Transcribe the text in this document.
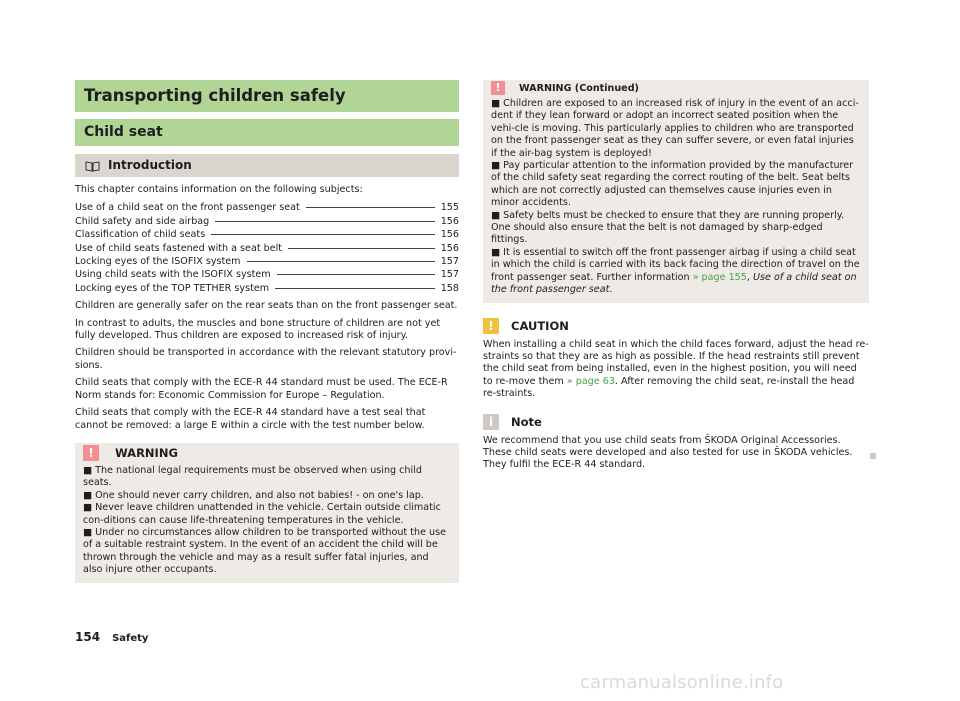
Transporting children safely
Child seat
Introduction

This chapter contains information on the following subjects:

Use of a child seat on the front passenger seat	155
Child safety and side airbag	156
Classification of child seats	156
Use of child seats fastened with a seat belt	156
Locking eyes of the ISOFIX system	157
Using child seats with the ISOFIX system	157
Locking eyes of the TOP TETHER system	158

Children are generally safer on the rear seats than on the front passenger seat.

In contrast to adults, the muscles and bone structure of children are not yet fully developed. Thus children are exposed to increased risk of injury.

Children should be transported in accordance with the relevant statutory provi-sions.

Child seats that comply with the ECE-R 44 standard must be used. The ECE-R Norm stands for: Economic Commission for Europe – Regulation.

Child seats that comply with the ECE-R 44 standard have a test seal that cannot be removed: a large E within a circle with the test number below.

!	WARNING

■ The national legal requirements must be observed when using child seats.

■ One should never carry children, and also not babies! - on one's lap.

■ Never leave children unattended in the vehicle. Certain outside climatic con-ditions can cause life-threatening temperatures in the vehicle.

■ Under no circumstances allow children to be transported without the use of a suitable restraint system. In the event of an accident the child will be thrown through the vehicle and may as a result suffer fatal injuries, and also injure other occupants.

!	WARNING (Continued)

■ Children are exposed to an increased risk of injury in the event of an acci-dent if they lean forward or adopt an incorrect seated position when the vehi-cle is moving. This particularly applies to children who are transported on the front passenger seat as they can suffer severe, or even fatal injuries if the air-bag system is deployed!

■ Pay particular attention to the information provided by the manufacturer of the child safety seat regarding the correct routing of the belt. Seat belts which are not correctly adjusted can themselves cause injuries even in minor accidents.

■ Safety belts must be checked to ensure that they are running properly. One should also ensure that the belt is not damaged by sharp-edged fittings.

■ It is essential to switch off the front passenger airbag if using a child seat in which the child is carried with its back facing the direction of travel on the front passenger seat. Further information » page 155, Use of a child seat on the front passenger seat.

!	CAUTION

When installing a child seat in which the child faces forward, adjust the head re-straints so that they are as high as possible. If the head restraints still prevent the child seat from being installed, even in the highest position, you will need to re-move them » page 63. After removing the child seat, re-install the head re-straints.

i	Note

We recommend that you use child seats from ŠKODA Original Accessories. These child seats were developed and also tested for use in ŠKODA vehicles. They fulfil the ECE-R 44 standard.

154 Safety
carmanualsonline.info
